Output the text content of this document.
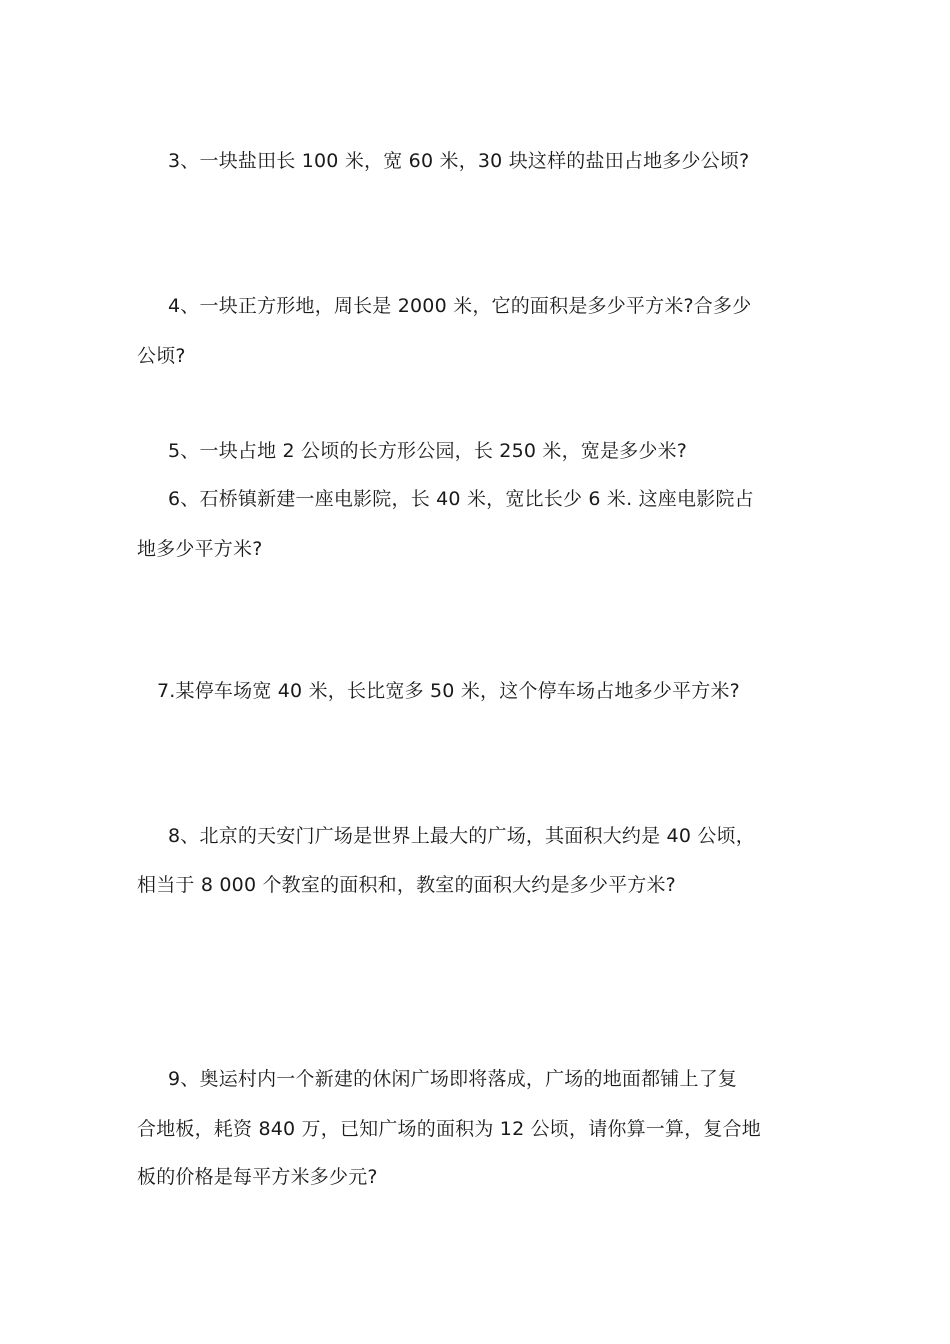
3、一块盐田长 100 米，宽 60 米，30 块这样的盐田占地多少公顷?
4、一块正方形地，周长是 2000 米，它的面积是多少平方米?合多少
公顷?
5、一块占地 2 公顷的长方形公园，长 250 米，宽是多少米?
6、石桥镇新建一座电影院，长 40 米，宽比长少 6 米. 这座电影院占
地多少平方米?
7.某停车场宽 40 米，长比宽多 50 米，这个停车场占地多少平方米?
8、北京的天安门广场是世界上最大的广场，其面积大约是 40 公顷，
相当于 8 000 个教室的面积和，教室的面积大约是多少平方米?
9、奥运村内一个新建的休闲广场即将落成，广场的地面都铺上了复
合地板，耗资 840 万，已知广场的面积为 12 公顷，请你算一算，复合地
板的价格是每平方米多少元?
